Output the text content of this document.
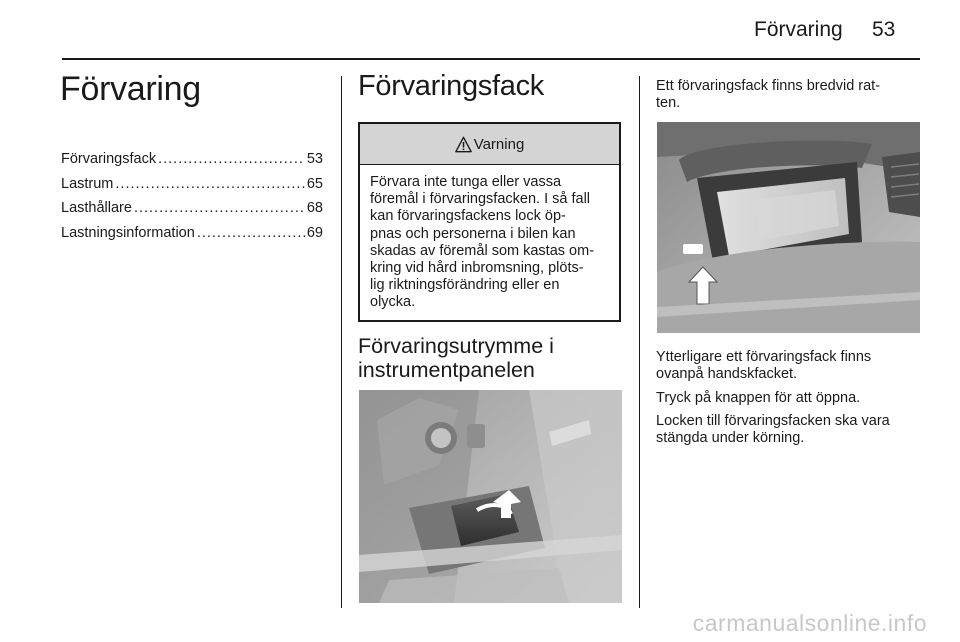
Förvaring 53
Förvaring
Förvaringsfack .....	53
Lastrum .....	65
Lasthållare .....	68
Lastningsinformation .....	69
Förvaringsfack
Varning

Förvara inte tunga eller vassa
föremål i förvaringsfacken. I så fall
kan förvaringsfackens lock öp-
pnas och personerna i bilen kan
skadas av föremål som kastas om-
kring vid hård inbromsning, plöts-
lig riktningsförändring eller en
olycka.

Förvaringsutrymme i
instrumentpanelen

Ett förvaringsfack finns bredvid rat-
ten.

Ytterligare ett förvaringsfack finns
ovanpå handskfacket.

Tryck på knappen för att öppna.

Locken till förvaringsfacken ska vara
stängda under körning.

carmanualsonline.info
